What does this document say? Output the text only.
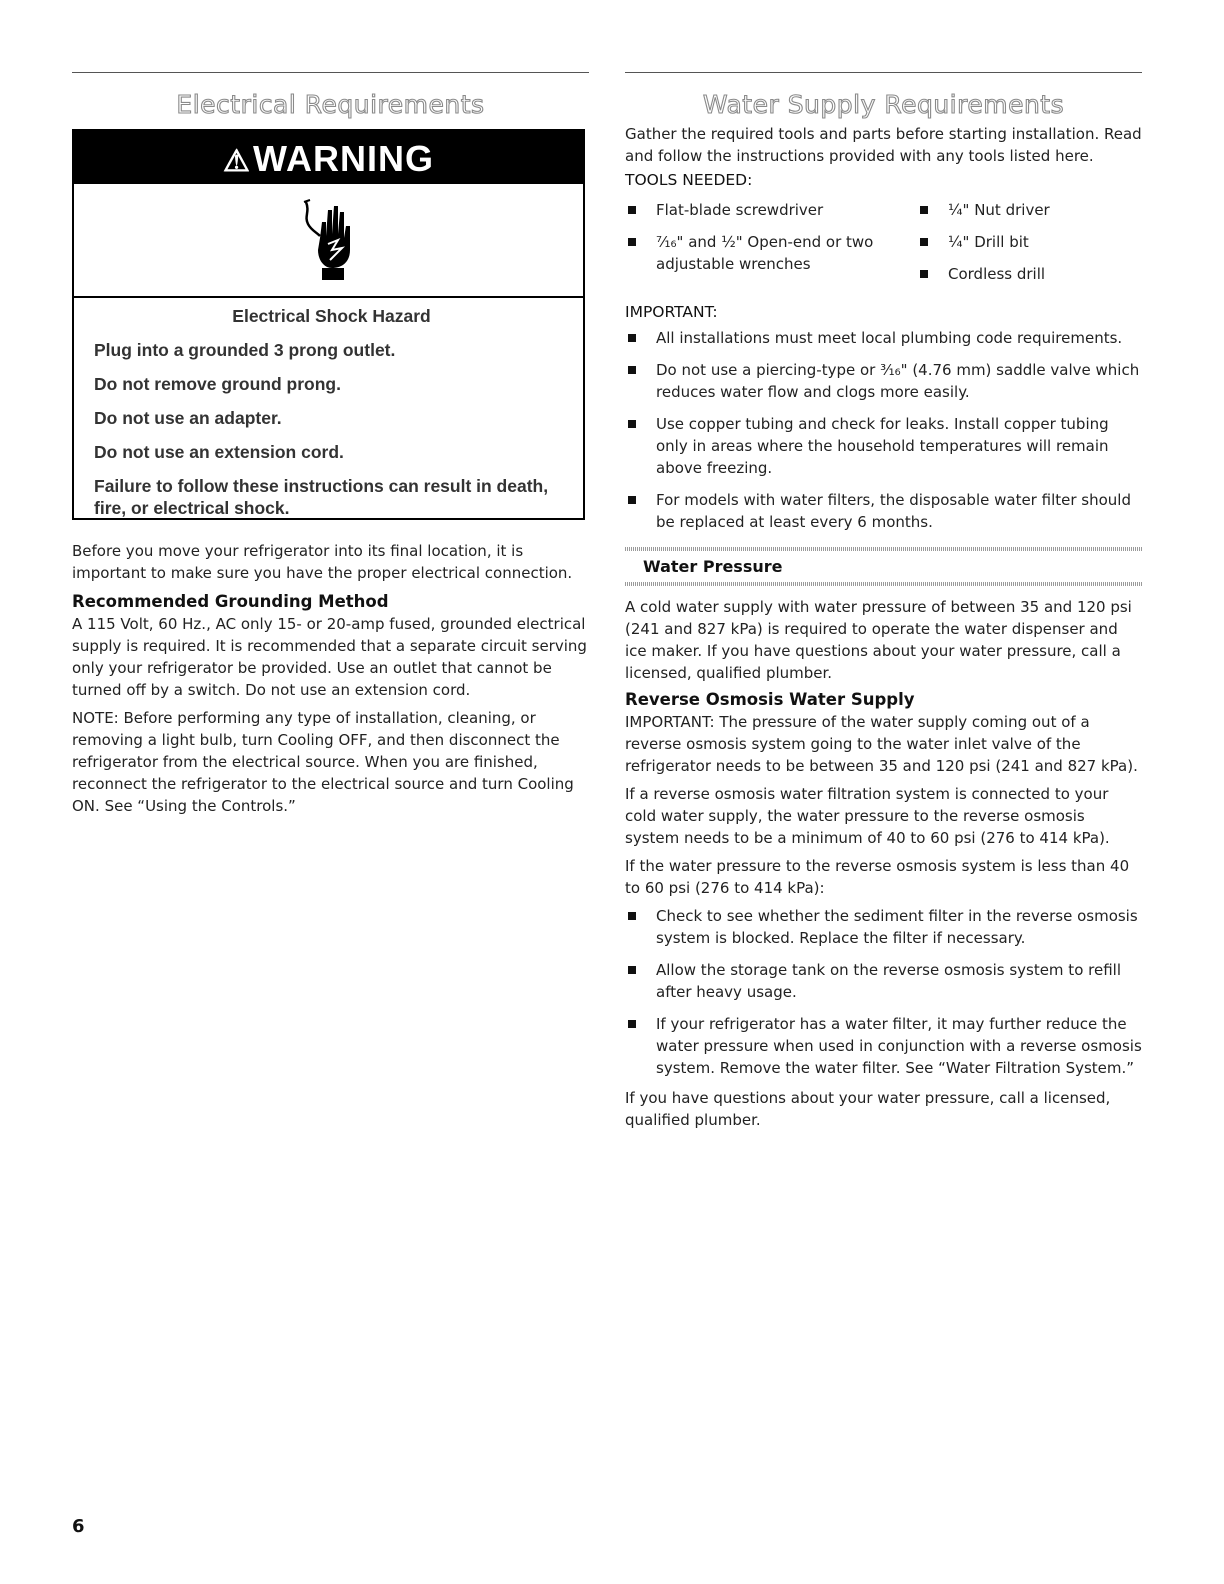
Electrical Requirements
⚠WARNING

Electrical Shock Hazard

Plug into a grounded 3 prong outlet.

Do not remove ground prong.

Do not use an adapter.

Do not use an extension cord.

Failure to follow these instructions can result in death, fire, or electrical shock.

Before you move your refrigerator into its final location, it is important to make sure you have the proper electrical connection.

Recommended Grounding Method

A 115 Volt, 60 Hz., AC only 15- or 20-amp fused, grounded electrical supply is required. It is recommended that a separate circuit serving only your refrigerator be provided. Use an outlet that cannot be turned off by a switch. Do not use an extension cord.

NOTE: Before performing any type of installation, cleaning, or removing a light bulb, turn Cooling OFF, and then disconnect the refrigerator from the electrical source. When you are finished, reconnect the refrigerator to the electrical source and turn Cooling ON. See “Using the Controls.”

Water Supply Requirements

Gather the required tools and parts before starting installation. Read and follow the instructions provided with any tools listed here.

TOOLS NEEDED:

Flat-blade screwdriver
⁷⁄₁₆" and ½" Open-end or two adjustable wrenches
¼" Nut driver
¼" Drill bit
Cordless drill

IMPORTANT:

All installations must meet local plumbing code requirements.
Do not use a piercing-type or ³⁄₁₆" (4.76 mm) saddle valve which reduces water flow and clogs more easily.
Use copper tubing and check for leaks. Install copper tubing only in areas where the household temperatures will remain above freezing.
For models with water filters, the disposable water filter should be replaced at least every 6 months.

Water Pressure

A cold water supply with water pressure of between 35 and 120 psi (241 and 827 kPa) is required to operate the water dispenser and ice maker. If you have questions about your water pressure, call a licensed, qualified plumber.

Reverse Osmosis Water Supply

IMPORTANT: The pressure of the water supply coming out of a reverse osmosis system going to the water inlet valve of the refrigerator needs to be between 35 and 120 psi (241 and 827 kPa).

If a reverse osmosis water filtration system is connected to your cold water supply, the water pressure to the reverse osmosis system needs to be a minimum of 40 to 60 psi (276 to 414 kPa).

If the water pressure to the reverse osmosis system is less than 40 to 60 psi (276 to 414 kPa):

Check to see whether the sediment filter in the reverse osmosis system is blocked. Replace the filter if necessary.
Allow the storage tank on the reverse osmosis system to refill after heavy usage.
If your refrigerator has a water filter, it may further reduce the water pressure when used in conjunction with a reverse osmosis system. Remove the water filter. See “Water Filtration System.”

If you have questions about your water pressure, call a licensed, qualified plumber.

6
